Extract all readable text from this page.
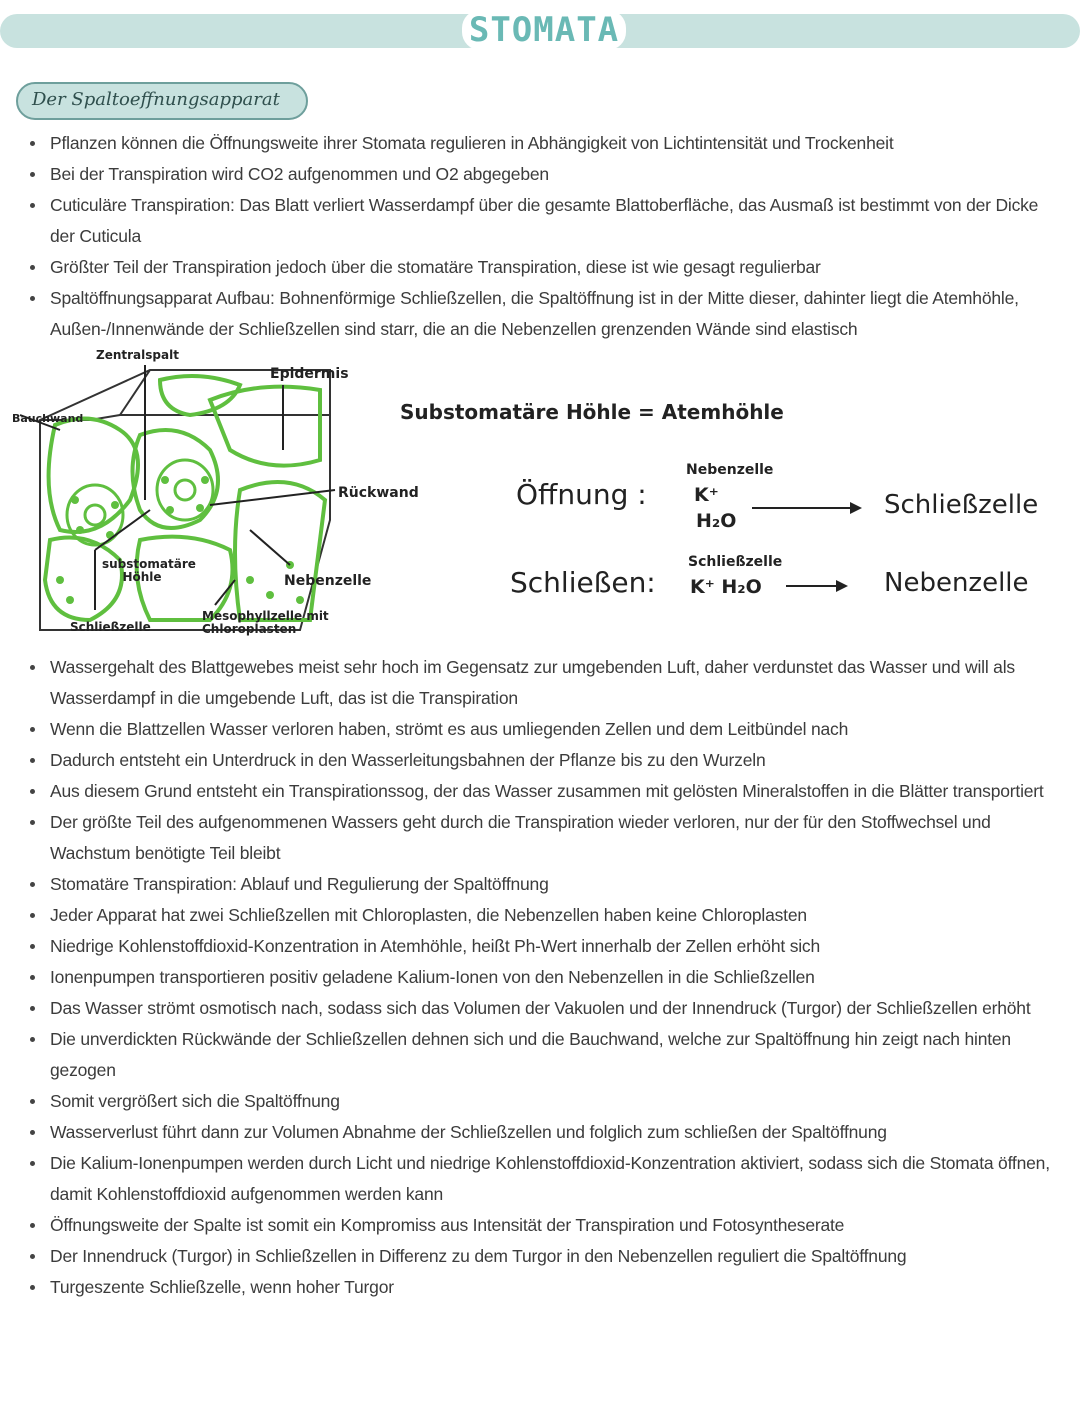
STOMATA
Der Spaltoeffnungsapparat
Pflanzen können die Öffnungsweite ihrer Stomata regulieren in Abhängigkeit von Lichtintensität und Trockenheit
Bei der Transpiration wird CO2 aufgenommen und O2 abgegeben
Cuticuläre Transpiration: Das Blatt verliert Wasserdampf über die gesamte Blattoberfläche, das Ausmaß ist bestimmt von der Dicke der Cuticula
Größter Teil der Transpiration jedoch über die stomatäre Transpiration, diese ist wie gesagt regulierbar
Spaltöffnungsapparat Aufbau: Bohnenförmige Schließzellen, die Spaltöffnung ist in der Mitte dieser, dahinter liegt die Atemhöhle, Außen-/Innenwände der Schließzellen sind starr, die an die Nebenzellen grenzenden Wände sind elastisch
Zentralspalt
Epidermis
Bauchwand
Rückwand
substomatäre Höhle	Nebenzelle
Schließzelle
Mesophyllzelle mit Chloroplasten
Substomatäre Höhle = Atemhöhle
Öffnung :
Nebenzelle
K⁺
H₂O
Schließzelle
Schließen:
Schließzelle
K⁺ H₂O	Nebenzelle
Wassergehalt des Blattgewebes meist sehr hoch im Gegensatz zur umgebenden Luft, daher verdunstet das Wasser und will als Wasserdampf in die umgebende Luft, das ist die Transpiration
Wenn die Blattzellen Wasser verloren haben, strömt es aus umliegenden Zellen und dem Leitbündel nach
Dadurch entsteht ein Unterdruck in den Wasserleitungsbahnen der Pflanze bis zu den Wurzeln
Aus diesem Grund entsteht ein Transpirationssog, der das Wasser zusammen mit gelösten Mineralstoffen in die Blätter transportiert
Der größte Teil des aufgenommenen Wassers geht durch die Transpiration wieder verloren, nur der für den Stoffwechsel und Wachstum benötigte Teil bleibt
Stomatäre Transpiration: Ablauf und Regulierung der Spaltöffnung
Jeder Apparat hat zwei Schließzellen mit Chloroplasten, die Nebenzellen haben keine Chloroplasten
Niedrige Kohlenstoffdioxid-Konzentration in Atemhöhle, heißt Ph-Wert innerhalb der Zellen erhöht sich
Ionenpumpen transportieren positiv geladene Kalium-Ionen von den Nebenzellen in die Schließzellen
Das Wasser strömt osmotisch nach, sodass sich das Volumen der Vakuolen und der Innendruck (Turgor) der Schließzellen erhöht
Die unverdickten Rückwände der Schließzellen dehnen sich und die Bauchwand, welche zur Spaltöffnung hin zeigt nach hinten gezogen
Somit vergrößert sich die Spaltöffnung
Wasserverlust führt dann zur Volumen Abnahme der Schließzellen und folglich zum schließen der Spaltöffnung
Die Kalium-Ionenpumpen werden durch Licht und niedrige Kohlenstoffdioxid-Konzentration aktiviert, sodass sich die Stomata öffnen, damit Kohlenstoffdioxid aufgenommen werden kann
Öffnungsweite der Spalte ist somit ein Kompromiss aus Intensität der Transpiration und Fotosyntheserate
Der Innendruck (Turgor) in Schließzellen in Differenz zu dem Turgor in den Nebenzellen reguliert die Spaltöffnung
Turgeszente Schließzelle, wenn hoher Turgor
